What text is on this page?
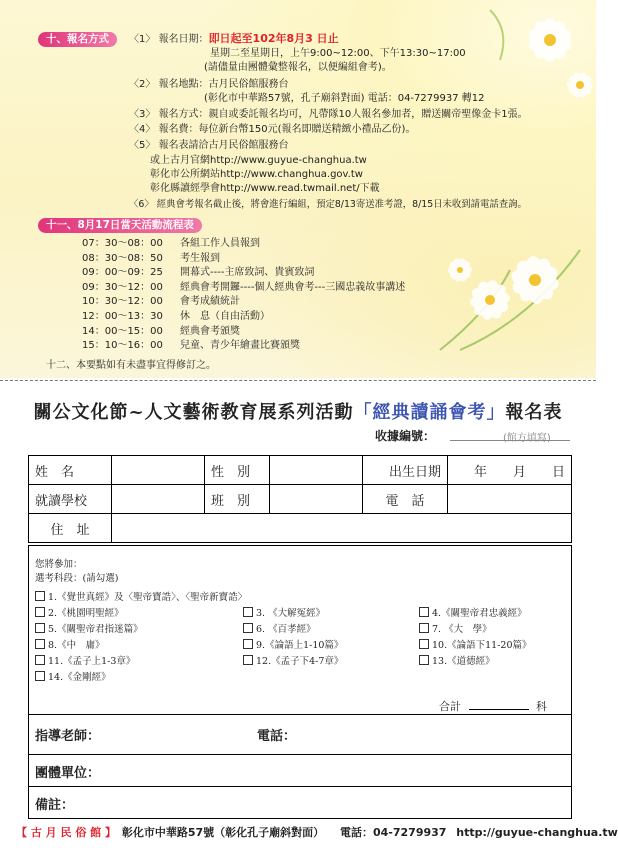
十、報名方式	〈1〉 報名日期：即日起至102年8月3 日止
星期二至星期日，上午9:00~12:00、下午13:30~17:00
(請儘量由團體彙整報名，以便編組會考)。
〈2〉 報名地點：古月民俗館服務台
(彰化市中華路57號，孔子廟斜對面) 電話：04-7279937 轉12
〈3〉 報名方式：親自或委託報名均可，凡帶隊10人報名參加者，贈送關帝聖像金卡1張。
〈4〉 報名費：每位新台幣150元(報名即贈送精緻小禮品乙份)。
〈5〉 報名表請洽古月民俗館服務台
或上古月官網http://www.guyue-changhua.tw
彰化市公所網站http://www.changhua.gov.tw
彰化縣讀經學會http://www.read.twmail.net/下載
〈6〉 經典會考報名截止後，將會進行編組，預定8/13寄送准考證，8/15日未收到請電話查詢。
十一、8月17日當天活動流程表
07：30～08：00 各組工作人員報到
08：30～08：50 考生報到
09：00～09：25 開幕式----主席致詞、貴賓致詞
09：30～12：00 經典會考開鑼----個人經典會考---三國忠義故事講述
10：30～12：00 會考成績統計
12：00～13：30 休　息（自由活動）
14：00～15：00 經典會考頒獎
15：10～16：00 兒童、青少年繪畫比賽頒獎
十二、本要點如有未盡事宜得修訂之。
關公文化節~人文藝術教育展系列活動「經典讀誦會考」報名表
收據編號：	(館方填寫)
姓　名		性　別		出生日期	年　　月　　日
就讀學校		班　別		電　話	
住　址					
您將參加：
選考科段：(請勾選)
1.《覺世真經》及〈聖帝寶誥〉、〈聖帝新寶誥〉
2.《桃園明聖經》	3. 《大解冤經》	4.《關聖帝君忠義經》
5.《關聖帝君指迷篇》	6. 《百孝經》	7. 《大　學》
8.《中　庸》	9.《論語上1-10篇》	10.《論語下11-20篇》
11.《孟子上1-3章》	12.《孟子下4-7章》	13.《道德經》
14.《金剛經》
合計	科
指導老師：	電話：
團體單位：
備註：
【 古 月 民 俗 館 】 彰化市中華路57號（彰化孔子廟斜對面） 電話：04-7279937 http://guyue-changhua.tw
